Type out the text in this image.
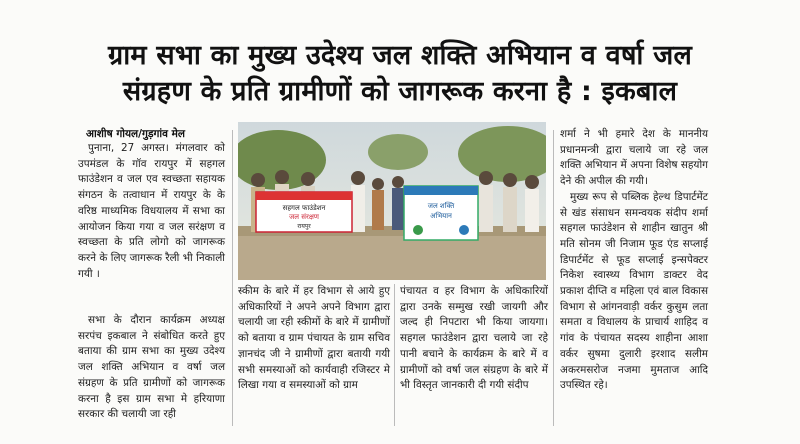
ग्राम सभा का मुख्य उदेश्य जल शक्ति अभियान व वर्षा जल
संग्रहण के प्रति ग्रामीणों को जागरूक करना है : इकबाल
आशीष गोयल/गुड़गांव मेल

पुनाना, 27 अगस्त। मंगलवार को उपमंडल के गॉव रायपुर में सहगल फाउंडेशन व जल एव स्वच्छता सहायक संगठन के तत्वाधान में रायपुर के के वरिष्ठ माध्यमिक विधयालय में सभा का आयोजन किया गया व जल सरंक्षण व स्वच्छता के प्रति लोगो को जागरूक करने के लिए जागरूक रैली भी निकाली गयी ।

सभा के दौरान कार्यक्रम अध्यक्ष सरपंच इकबाल ने संबोधित करते हुए बताया की ग्राम सभा का मुख्य उदेश्य जल शक्ति अभियान व वर्षा जल संग्रहण के प्रति ग्रामीणों को जागरूक करना है इस ग्राम सभा मे हरियाणा सरकार की चलायी जा रही

सहगल फाउंडेशन
जल संरक्षण
रायपुर
जल शक्ति
अभियान

स्कीम के बारे में हर विभाग से आये हुए अधिकारियों ने अपने अपने विभाग द्वारा चलायी जा रही स्कीमों के बारे में ग्रामीणों को बताया व ग्राम पंचायत के ग्राम सचिव ज्ञानचंद जी ने ग्रामीणों द्वारा बतायी गयी सभी समस्याओं को कार्यवाही रजिस्टर मे लिखा गया व समस्याओं को ग्राम

पंचायत व हर विभाग के अधिकारियों द्वारा उनके सम्मुख रखी जायगी और जल्द ही निपटारा भी किया जायगा। सहगल फाउंडेशन द्वारा चलाये जा रहे पानी बचाने के कार्यक्रम के बारे में व ग्रामीणों को वर्षा जल संग्रहण के बारे में भी विस्तृत जानकारी दी गयी संदीप

शर्मा ने भी हमारे देश के माननीय प्रधानमन्त्री द्वारा चलाये जा रहे जल शक्ति अभियान में अपना विशेष सहयोग देने की अपील की गयी।

मुख्य रूप से पब्लिक हेल्थ डिपार्टमेंट से खंड संसाधन समन्वयक संदीप शर्मा सहगल फाउंडेशन से शाहीन खातुन श्री मति सोनम जी निजाम फूड एंड सप्लाई डिपार्टमेंट से फूड सप्लाई इन्सपेक्टर निकेश स्वास्थ्य विभाग डाक्टर वेद प्रकाश दीप्ति व महिला एवं बाल विकास विभाग से आंगनवाड़ी वर्कर कुसुम लता समता व विधालय के प्राचार्य शाहिद व गांव के पंचायत सदस्य शाहीना आशा वर्कर सुषमा दुलारी इरशाद सलीम अकरमसरोज नजमा मुमताज आदि उपस्थित रहे।
